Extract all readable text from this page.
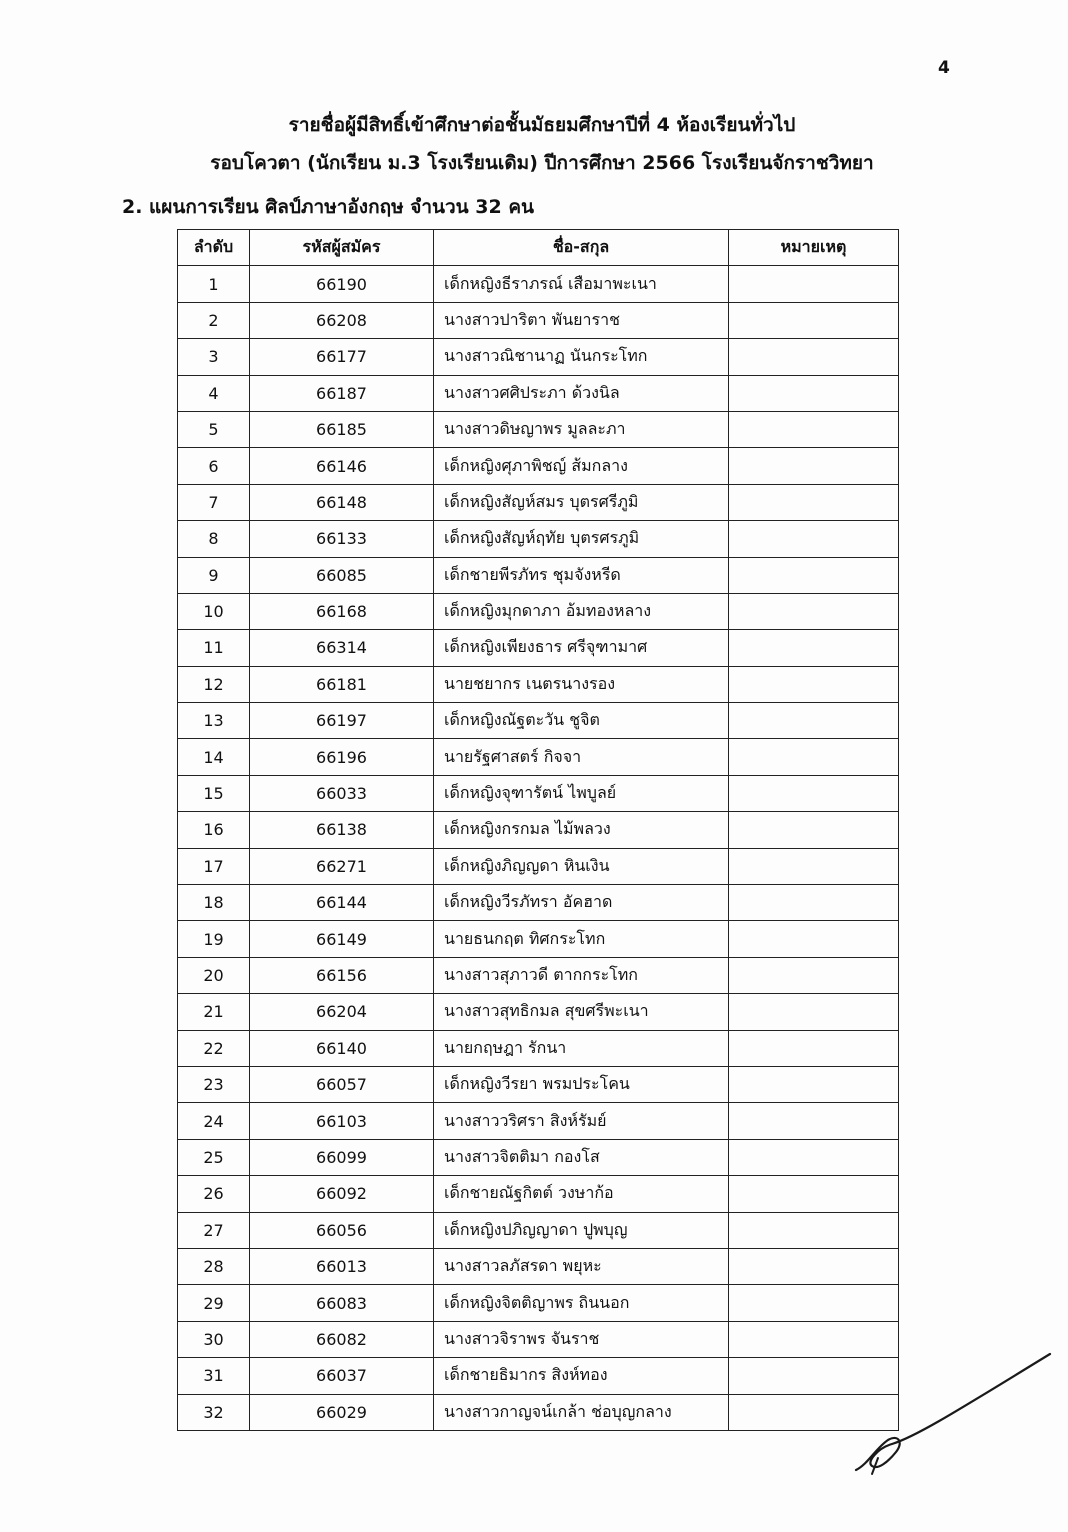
4
รายชื่อผู้มีสิทธิ์เข้าศึกษาต่อชั้นมัธยมศึกษาปีที่ 4 ห้องเรียนทั่วไป
รอบโควตา (นักเรียน ม.3 โรงเรียนเดิม) ปีการศึกษา 2566 โรงเรียนจักราชวิทยา
2. แผนการเรียน ศิลป์ภาษาอังกฤษ จำนวน 32 คน
ลำดับ	รหัสผู้สมัคร	ชื่อ-สกุล	หมายเหตุ
1	66190	เด็กหญิงธีราภรณ์ เสือมาพะเนา	
2	66208	นางสาวปาริตา พันยาราช	
3	66177	นางสาวณิชานาฏ นันกระโทก	
4	66187	นางสาวศศิประภา ด้วงนิล	
5	66185	นางสาวดิษญาพร มูลละภา	
6	66146	เด็กหญิงศุภาพิชญ์ ส้มกลาง	
7	66148	เด็กหญิงสัญห์สมร บุตรศรีภูมิ	
8	66133	เด็กหญิงสัญห์ฤทัย บุตรศรภูมิ	
9	66085	เด็กชายพีรภัทร ชุมจังหรีด	
10	66168	เด็กหญิงมุกดาภา อ้มทองหลาง	
11	66314	เด็กหญิงเพียงธาร ศรีจุฑามาศ	
12	66181	นายชยากร เนตรนางรอง	
13	66197	เด็กหญิงณัฐตะวัน ชูจิต	
14	66196	นายรัฐศาสตร์ กิจจา	
15	66033	เด็กหญิงจุฑารัตน์ ไพบูลย์	
16	66138	เด็กหญิงกรกมล ไม้พลวง	
17	66271	เด็กหญิงภิญญดา หินเงิน	
18	66144	เด็กหญิงวีรภัทรา อัคฮาด	
19	66149	นายธนกฤต ทิศกระโทก	
20	66156	นางสาวสุภาวดี ตากกระโทก	
21	66204	นางสาวสุทธิกมล สุขศรีพะเนา	
22	66140	นายกฤษฎา รักนา	
23	66057	เด็กหญิงวีรยา พรมประโคน	
24	66103	นางสาววริศรา สิงห์รัมย์	
25	66099	นางสาวจิตติมา กองโส	
26	66092	เด็กชายณัฐกิตต์ วงษาก้อ	
27	66056	เด็กหญิงปภิญญาดา ปูพบุญ	
28	66013	นางสาวลภัสรดา พยุหะ	
29	66083	เด็กหญิงจิตติญาพร ถินนอก	
30	66082	นางสาวจิราพร จันราช	
31	66037	เด็กชายธิมากร สิงห์ทอง	
32	66029	นางสาวกาญจน์เกล้า ช่อบุญกลาง	
